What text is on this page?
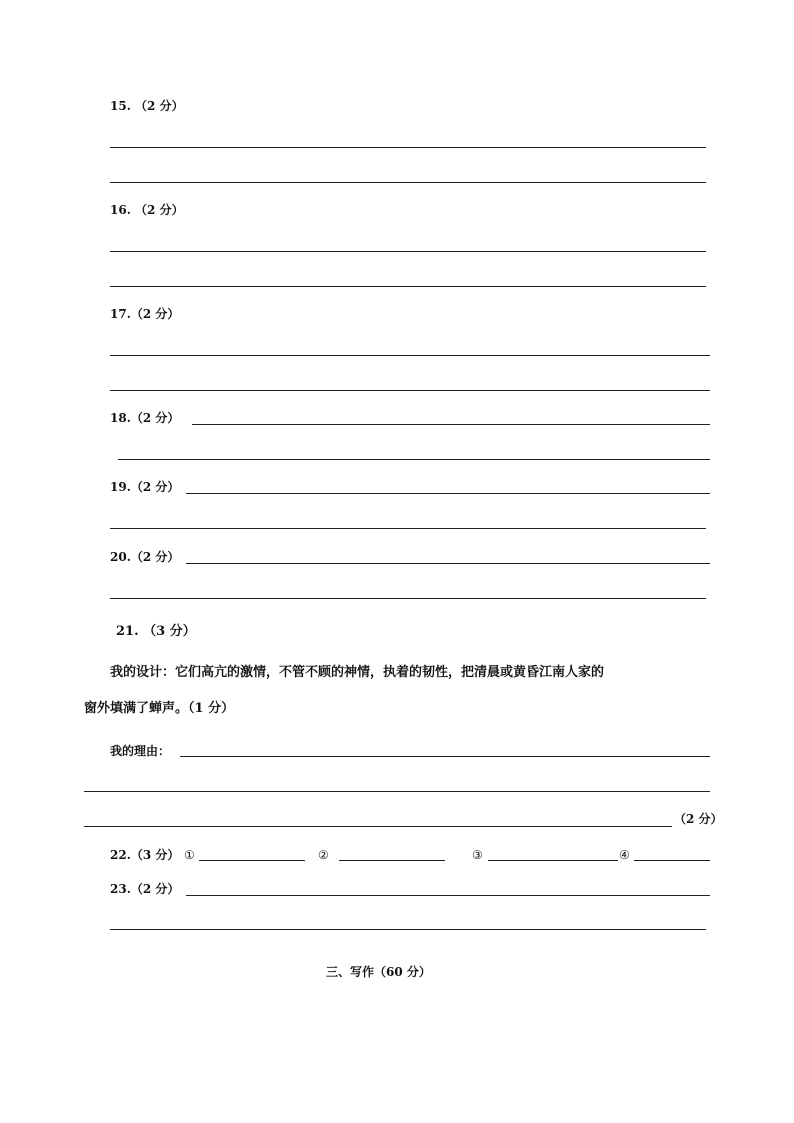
15. （2 分）
16. （2 分）
17.（2 分）
18.（2 分）
19.（2 分）
20.（2 分）
21. （3 分）
我的设计：它们高亢的激情，不管不顾的神情，执着的韧性，把清晨或黄昏江南人家的
窗外填满了蝉声。（1 分）
我的理由：
（2 分）
22.（3 分） ①	②	③	④
23.（2 分）
三、写作（60 分）
